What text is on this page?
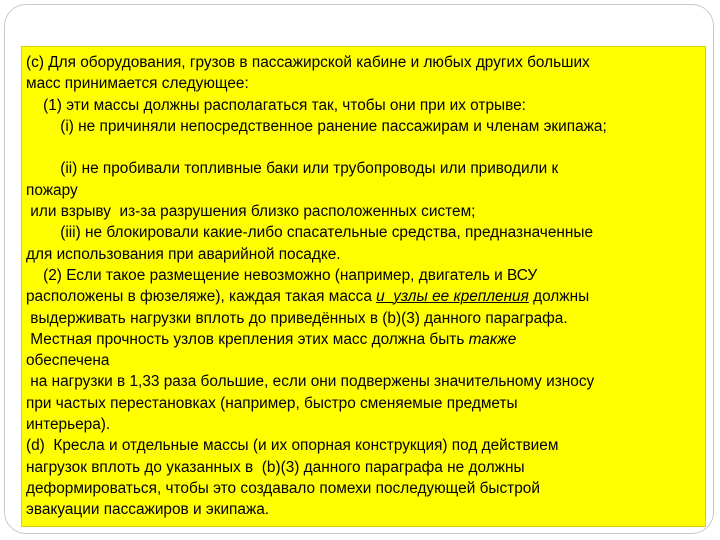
(c) Для оборудования, грузов в пассажирской кабине и любых других больших
масс принимается следующее:
(1) эти массы должны располагаться так, чтобы они при их отрыве:
(i) не причиняли непосредственное ранение пассажирам и членам экипажа;
(ii) не пробивали топливные баки или трубопроводы или приводили к
пожару
или взрыву  из-за разрушения близко расположенных систем;
(iii) не блокировали какие-либо спасательные средства, предназначенные
для использования при аварийной посадке.
(2) Если такое размещение невозможно (например, двигатель и ВСУ
расположены в фюзеляже), каждая такая масса и  узлы ее крепления должны
выдерживать нагрузки вплоть до приведённых в (b)(3) данного параграфа.
Местная прочность узлов крепления этих масс должна быть также
обеспечена
на нагрузки в 1,33 раза большие, если они подвержены значительному износу
при частых перестановках (например, быстро сменяемые предметы
интерьера).
(d)  Кресла и отдельные массы (и их опорная конструкция) под действием
нагрузок вплоть до указанных в  (b)(3) данного параграфа не должны
деформироваться, чтобы это создавало помехи последующей быстрой
эвакуации пассажиров и экипажа.
